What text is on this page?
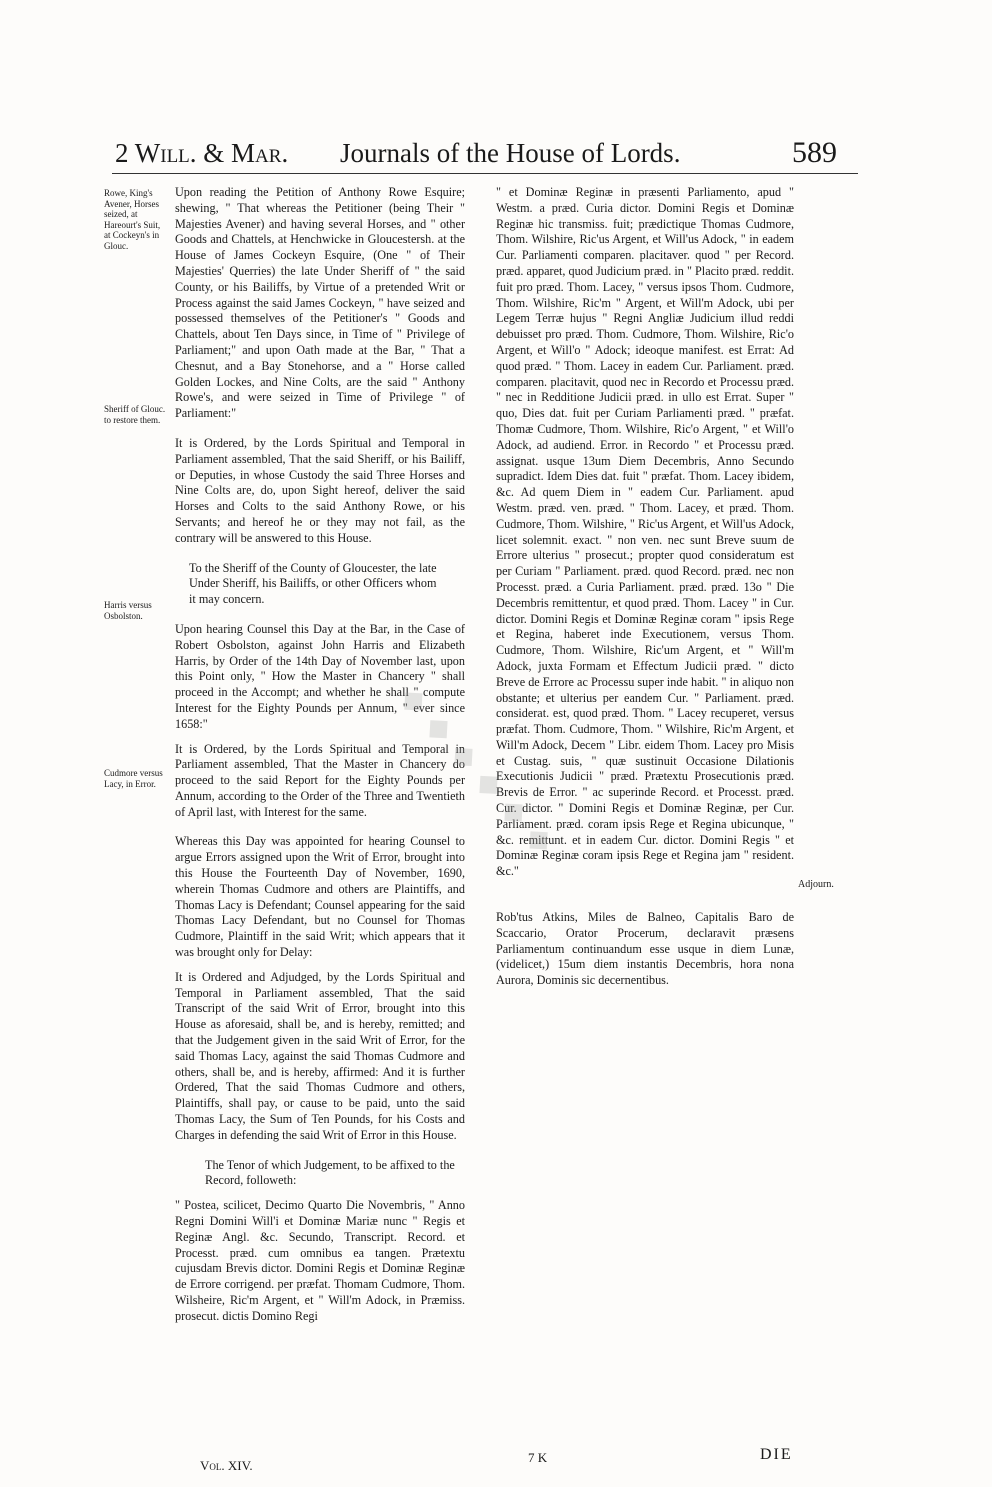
2 Will. & Mar. Journals of the House of Lords.	589
Rowe, King's Avener, Horses seized, at Hareourt's Suit, at Cockeyn's in Glouc.
Sheriff of Glouc. to restore them.
Harris versus Osbolston.
Cudmore versus Lacy, in Error.
Adjourn.

Upon reading the Petition of Anthony Rowe Esquire; shewing, " That whereas the Petitioner (being Their " Majesties Avener) and having several Horses, and " other Goods and Chattels, at Henchwicke in Gloucestersh. at the House of James Cockeyn Esquire, (One " of Their Majesties' Querries) the late Under Sheriff of " the said County, or his Bailiffs, by Virtue of a pretended Writ or Process against the said James Cockeyn, " have seized and possessed themselves of the Petitioner's " Goods and Chattels, about Ten Days since, in Time of " Privilege of Parliament;" and upon Oath made at the Bar, " That a Chesnut, and a Bay Stonehorse, and a " Horse called Golden Lockes, and Nine Colts, are the said " Anthony Rowe's, and were seized in Time of Privilege " of Parliament:"

It is Ordered, by the Lords Spiritual and Temporal in Parliament assembled, That the said Sheriff, or his Bailiff, or Deputies, in whose Custody the said Three Horses and Nine Colts are, do, upon Sight hereof, deliver the said Horses and Colts to the said Anthony Rowe, or his Servants; and hereof he or they may not fail, as the contrary will be answered to this House.

To the Sheriff of the County of Gloucester, the late Under Sheriff, his Bailiffs, or other Officers whom it may concern.

Upon hearing Counsel this Day at the Bar, in the Case of Robert Osbolston, against John Harris and Elizabeth Harris, by Order of the 14th Day of November last, upon this Point only, " How the Master in Chancery " shall proceed in the Accompt; and whether he shall " compute Interest for the Eighty Pounds per Annum, " ever since 1658:"

It is Ordered, by the Lords Spiritual and Temporal in Parliament assembled, That the Master in Chancery do proceed to the said Report for the Eighty Pounds per Annum, according to the Order of the Three and Twentieth of April last, with Interest for the same.

Whereas this Day was appointed for hearing Counsel to argue Errors assigned upon the Writ of Error, brought into this House the Fourteenth Day of November, 1690, wherein Thomas Cudmore and others are Plaintiffs, and Thomas Lacy is Defendant; Counsel appearing for the said Thomas Lacy Defendant, but no Counsel for Thomas Cudmore, Plaintiff in the said Writ; which appears that it was brought only for Delay:

It is Ordered and Adjudged, by the Lords Spiritual and Temporal in Parliament assembled, That the said Transcript of the said Writ of Error, brought into this House as aforesaid, shall be, and is hereby, remitted; and that the Judgement given in the said Writ of Error, for the said Thomas Lacy, against the said Thomas Cudmore and others, shall be, and is hereby, affirmed: And it is further Ordered, That the said Thomas Cudmore and others, Plaintiffs, shall pay, or cause to be paid, unto the said Thomas Lacy, the Sum of Ten Pounds, for his Costs and Charges in defending the said Writ of Error in this House.

The Tenor of which Judgement, to be affixed to the Record, followeth:

" Postea, scilicet, Decimo Quarto Die Novembris, " Anno Regni Domini Will'i et Dominæ Mariæ nunc " Regis et Reginæ Angl. &c. Secundo, Transcript. Record. et Processt. præd. cum omnibus ea tangen. Prætextu cujusdam Brevis dictor. Domini Regis et Dominæ Reginæ de Errore corrigend. per præfat. Thomam Cudmore, Thom. Wilsheire, Ric'm Argent, et " Will'm Adock, in Præmiss. prosecut. dictis Domino Regi

" et Dominæ Reginæ in præsenti Parliamento, apud " Westm. a præd. Curia dictor. Domini Regis et Dominæ Reginæ hic transmiss. fuit; prædictique Thomas Cudmore, Thom. Wilshire, Ric'us Argent, et Will'us Adock, " in eadem Cur. Parliamenti comparen. placitaver. quod " per Record. præd. apparet, quod Judicium præd. in " Placito præd. reddit. fuit pro præd. Thom. Lacey, " versus ipsos Thom. Cudmore, Thom. Wilshire, Ric'm " Argent, et Will'm Adock, ubi per Legem Terræ hujus " Regni Angliæ Judicium illud reddi debuisset pro præd. Thom. Cudmore, Thom. Wilshire, Ric'o Argent, et Will'o " Adock; ideoque manifest. est Errat: Ad quod præd. " Thom. Lacey in eadem Cur. Parliament. præd. comparen. placitavit, quod nec in Recordo et Processu præd. " nec in Redditione Judicii præd. in ullo est Errat. Super " quo, Dies dat. fuit per Curiam Parliamenti præd. " præfat. Thomæ Cudmore, Thom. Wilshire, Ric'o Argent, " et Will'o Adock, ad audiend. Error. in Recordo " et Processu præd. assignat. usque 13um Diem Decembris, Anno Secundo supradict. Idem Dies dat. fuit " præfat. Thom. Lacey ibidem, &c. Ad quem Diem in " eadem Cur. Parliament. apud Westm. præd. ven. præd. " Thom. Lacey, et præd. Thom. Cudmore, Thom. Wilshire, " Ric'us Argent, et Will'us Adock, licet solemnit. exact. " non ven. nec sunt Breve suum de Errore ulterius " prosecut.; propter quod consideratum est per Curiam " Parliament. præd. quod Record. præd. nec non Processt. præd. a Curia Parliament. præd. præd. 13o " Die Decembris remittentur, et quod præd. Thom. Lacey " in Cur. dictor. Domini Regis et Dominæ Reginæ coram " ipsis Rege et Regina, haberet inde Executionem, versus Thom. Cudmore, Thom. Wilshire, Ric'um Argent, et " Will'm Adock, juxta Formam et Effectum Judicii præd. " dicto Breve de Errore ac Processu super inde habit. " in aliquo non obstante; et ulterius per eandem Cur. " Parliament. præd. considerat. est, quod præd. Thom. " Lacey recuperet, versus præfat. Thom. Cudmore, Thom. " Wilshire, Ric'm Argent, et Will'm Adock, Decem " Libr. eidem Thom. Lacey pro Misis et Custag. suis, " quæ sustinuit Occasione Dilationis Executionis Judicii " præd. Prætextu Prosecutionis præd. Brevis de Error. " ac superinde Record. et Processt. præd. Cur. dictor. " Domini Regis et Dominæ Reginæ, per Cur. Parliament. præd. coram ipsis Rege et Regina ubicunque, " &c. remittunt. et in eadem Cur. dictor. Domini Regis " et Dominæ Reginæ coram ipsis Rege et Regina jam " resident. &c."

Rob'tus Atkins, Miles de Balneo, Capitalis Baro de Scaccario, Orator Procerum, declaravit præsens Parliamentum continuandum esse usque in diem Lunæ, (videlicet,) 15um diem instantis Decembris, hora nona Aurora, Dominis sic decernentibus.

Vol. XIV.
7 K	DIE
◆ ◆ ◆ ◆ ◆ ◆
